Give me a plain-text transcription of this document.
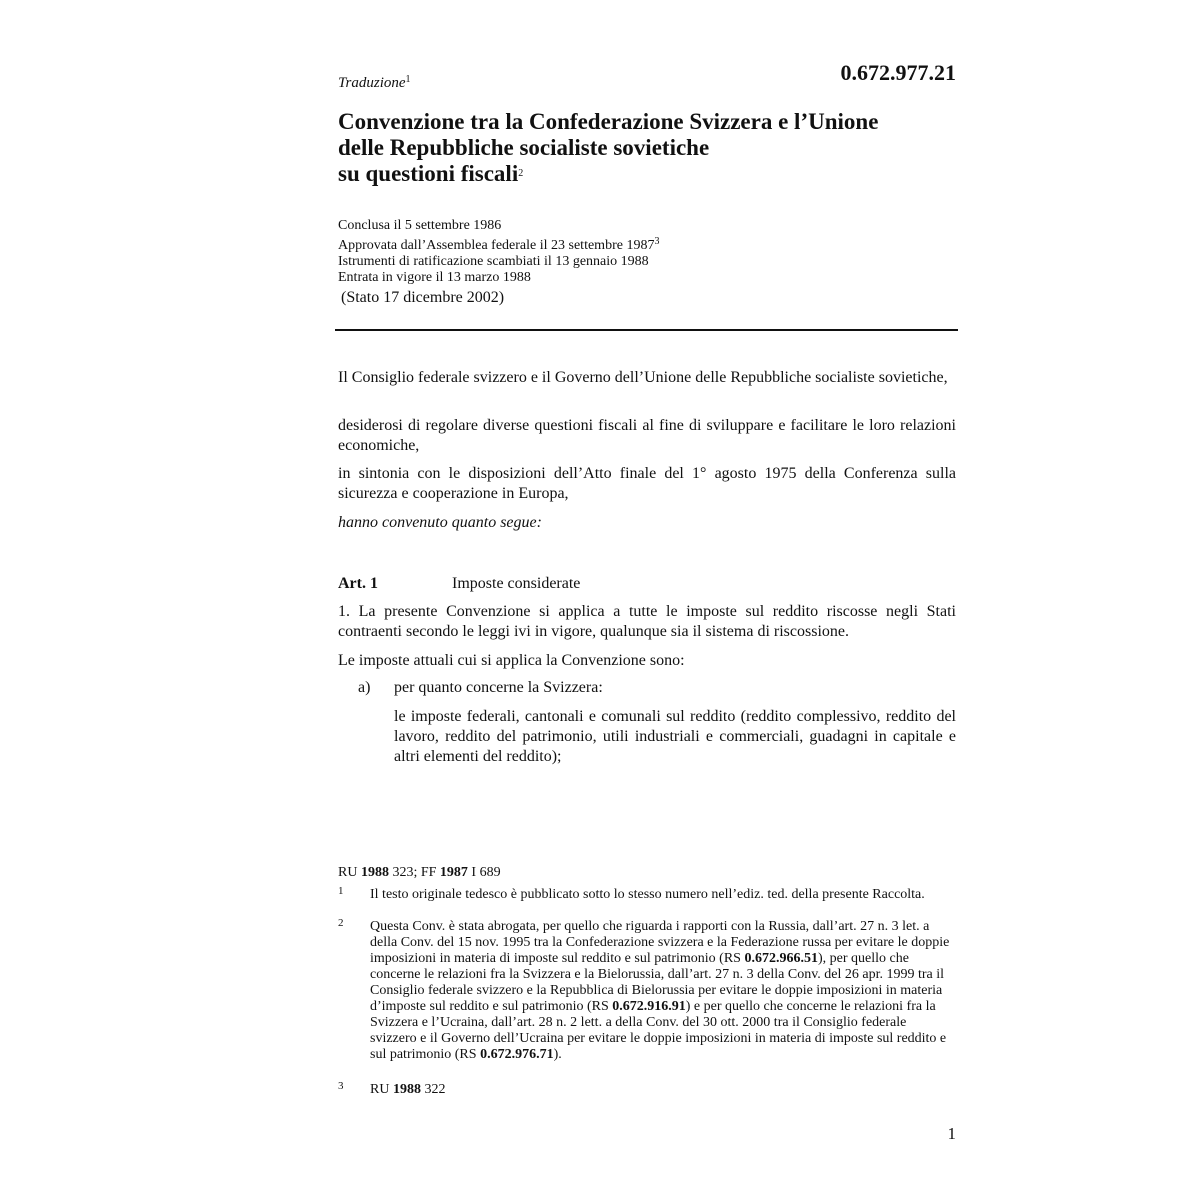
Traduzione$^1$	0.672.977.21
Convenzione tra la Confederazione Svizzera e l’Unione
delle Repubbliche socialiste sovietiche
su questioni fiscali$^2$
Conclusa il 5 settembre 1986
Approvata dall’Assemblea federale il 23 settembre 1987$^3$
Istrumenti di ratificazione scambiati il 13 gennaio 1988
Entrata in vigore il 13 marzo 1988
(Stato 17 dicembre 2002)
Il Consiglio federale svizzero e il Governo dell’Unione delle Repubbliche socialiste sovietiche,
desiderosi di regolare diverse questioni fiscali al fine di sviluppare e facilitare le loro relazioni economiche,
in sintonia con le disposizioni dell’Atto finale del 1° agosto 1975 della Conferenza sulla sicurezza e cooperazione in Europa,
hanno convenuto quanto segue:
Art. 1	Imposte considerate
1. La presente Convenzione si applica a tutte le imposte sul reddito riscosse negli Stati contraenti secondo le leggi ivi in vigore, qualunque sia il sistema di riscossione.
Le imposte attuali cui si applica la Convenzione sono:
a) per quanto concerne la Svizzera:
le imposte federali, cantonali e comunali sul reddito (reddito complessivo, reddito del lavoro, reddito del patrimonio, utili industriali e commerciali, guadagni in capitale e altri elementi del reddito);
RU 1988 323; FF 1987 I 689
1 Il testo originale tedesco è pubblicato sotto lo stesso numero nell’ediz. ted. della presente Raccolta.
2 Questa Conv. è stata abrogata, per quello che riguarda i rapporti con la Russia, dall’art. 27 n. 3 let. a della Conv. del 15 nov. 1995 tra la Confederazione svizzera e la Federazione russa per evitare le doppie imposizioni in materia di imposte sul reddito e sul patrimonio (RS 0.672.966.51), per quello che concerne le relazioni fra la Svizzera e la Bielorussia, dall’art. 27 n. 3 della Conv. del 26 apr. 1999 tra il Consiglio federale svizzero e la Repubblica di Bielorussia per evitare le doppie imposizioni in materia d’imposte sul reddito e sul patrimonio (RS 0.672.916.91) e per quello che concerne le relazioni fra la Svizzera e l’Ucraina, dall’art. 28 n. 2 lett. a della Conv. del 30 ott. 2000 tra il Consiglio federale svizzero e il Governo dell’Ucraina per evitare le doppie imposizioni in materia di imposte sul reddito e sul patrimonio (RS 0.672.976.71).
3 RU 1988 322
1
